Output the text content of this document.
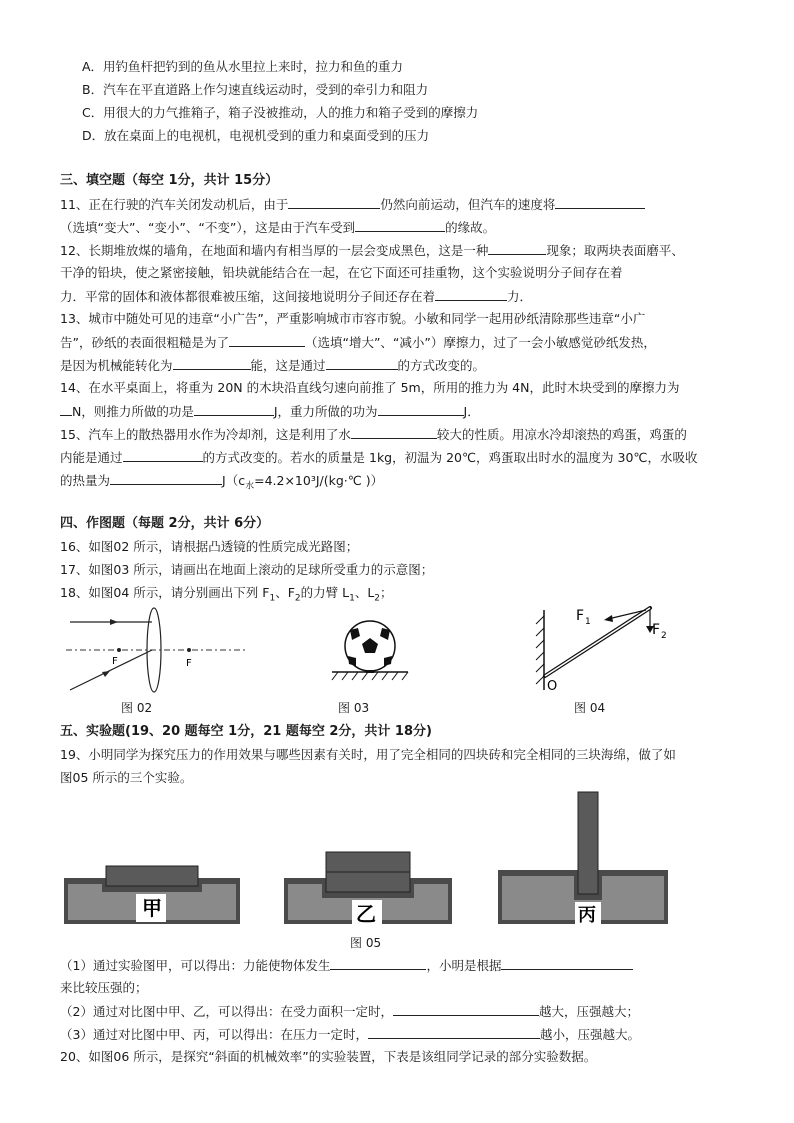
A．用钓鱼杆把钓到的鱼从水里拉上来时，拉力和鱼的重力
B．汽车在平直道路上作匀速直线运动时，受到的牵引力和阻力
C．用很大的力气推箱子，箱子没被推动，人的推力和箱子受到的摩擦力
D．放在桌面上的电视机，电视机受到的重力和桌面受到的压力
三、填空题（每空 1分，共计 15分）
11、正在行驶的汽车关闭发动机后，由于	仍然向前运动，但汽车的速度将
（选填“变大”、“变小”、“不变”），这是由于汽车受到	的缘故。
12、长期堆放煤的墙角，在地面和墙内有相当厚的一层会变成黑色，这是一种	现象；取两块表面磨平、
干净的铅块，使之紧密接触，铅块就能结合在一起，在它下面还可挂重物，这个实验说明分子间存在着
力．平常的固体和液体都很难被压缩，这间接地说明分子间还存在着	力．
13、城市中随处可见的违章“小广告”，严重影响城市市容市貌。小敏和同学一起用砂纸清除那些违章“小广
告”，砂纸的表面很粗糙是为了	（选填“增大”、“减小”）摩擦力，过了一会小敏感觉砂纸发热，
是因为机械能转化为	能，这是通过	的方式改变的。
14、在水平桌面上，将重为 20N 的木块沿直线匀速向前推了 5m，所用的推力为 4N，此时木块受到的摩擦力为
N，则推力所做的功是	J，重力所做的功为	J．
15、汽车上的散热器用水作为冷却剂，这是利用了水	较大的性质。用凉水冷却滚热的鸡蛋，鸡蛋的
内能是通过	的方式改变的。若水的质量是 1kg，初温为 20℃，鸡蛋取出时水的温度为 30℃，水吸收
的热量为	$J(c_水=4.2\times 10^3J/(kg\cdot℃$ )）
四、作图题（每题 2分，共计 6分）
16、如图02 所示，请根据凸透镜的性质完成光路图；
17、如图03 所示，请画出在地面上滚动的足球所受重力的示意图；
18、如图04 所示，请分别画出下列 $F_1$、$F_2$的力臂 $L_1$、$L_2$；
F	F
图 02	图 03
F 1	F 2
O
图 04
五、实验题(19、20 题每空 1分，21 题每空 2分，共计 18分)
19、小明同学为探究压力的作用效果与哪些因素有关时，用了完全相同的四块砖和完全相同的三块海绵，做了如
图05 所示的三个实验。
甲	乙	丙
图 05
（1）通过实验图甲，可以得出：力能使物体发生	，小明是根据
来比较压强的；
（2）通过对比图中甲、乙，可以得出：在受力面积一定时，	越大，压强越大；
（3）通过对比图中甲、丙，可以得出：在压力一定时，	越小，压强越大。
20、如图06 所示，是探究“斜面的机械效率”的实验装置，下表是该组同学记录的部分实验数据。
